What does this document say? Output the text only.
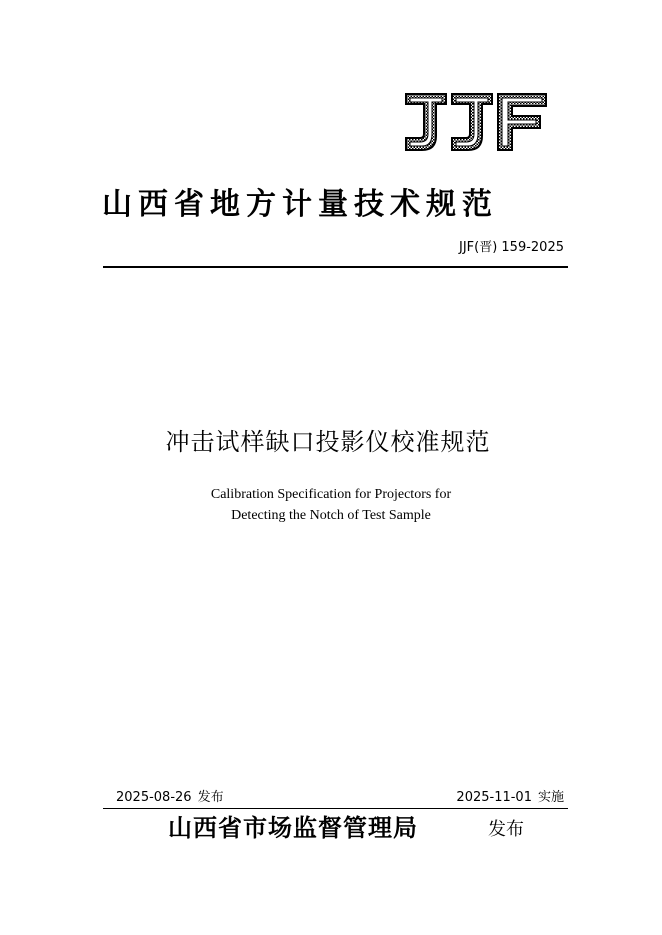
山西省地方计量技术规范
JJF(晋) 159-2025
冲击试样缺口投影仪校准规范
Calibration Specification for Projectors for
Detecting the Notch of Test Sample
2025-08-26 发布	2025-11-01 实施
山西省市场监督管理局	发布
